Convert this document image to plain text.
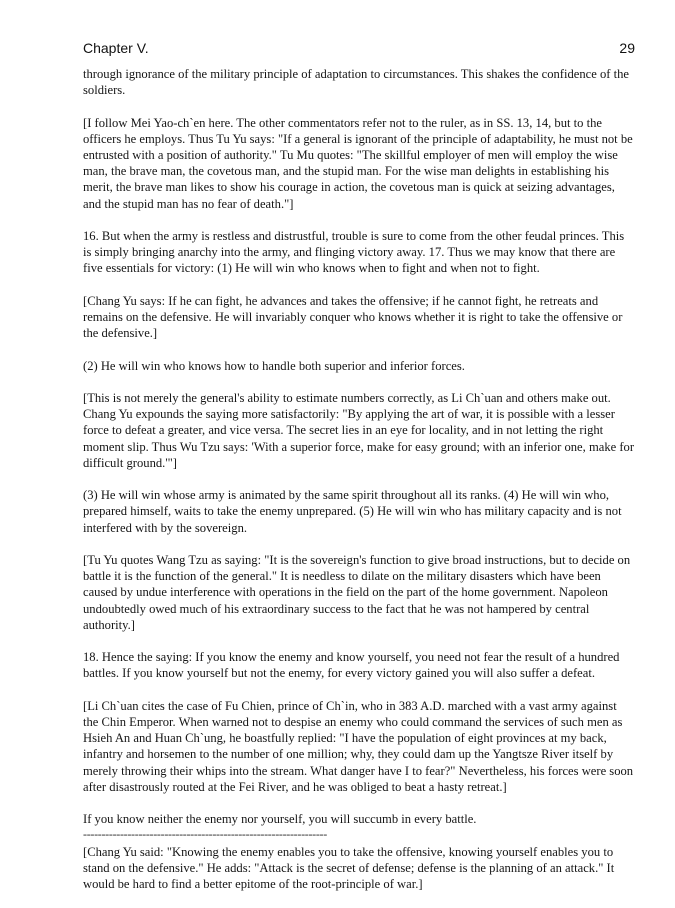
Chapter V.	29

through ignorance of the military principle of adaptation to circumstances. This shakes the confidence of the soldiers.

[I follow Mei Yao-ch`en here. The other commentators refer not to the ruler, as in SS. 13, 14, but to the officers he employs. Thus Tu Yu says: "If a general is ignorant of the principle of adaptability, he must not be entrusted with a position of authority." Tu Mu quotes: "The skillful employer of men will employ the wise man, the brave man, the covetous man, and the stupid man. For the wise man delights in establishing his merit, the brave man likes to show his courage in action, the covetous man is quick at seizing advantages, and the stupid man has no fear of death."]

16. But when the army is restless and distrustful, trouble is sure to come from the other feudal princes. This is simply bringing anarchy into the army, and flinging victory away. 17. Thus we may know that there are five essentials for victory: (1) He will win who knows when to fight and when not to fight.

[Chang Yu says: If he can fight, he advances and takes the offensive; if he cannot fight, he retreats and remains on the defensive. He will invariably conquer who knows whether it is right to take the offensive or the defensive.]

(2) He will win who knows how to handle both superior and inferior forces.

[This is not merely the general's ability to estimate numbers correctly, as Li Ch`uan and others make out. Chang Yu expounds the saying more satisfactorily: "By applying the art of war, it is possible with a lesser force to defeat a greater, and vice versa. The secret lies in an eye for locality, and in not letting the right moment slip. Thus Wu Tzu says: 'With a superior force, make for easy ground; with an inferior one, make for difficult ground.'"]

(3) He will win whose army is animated by the same spirit throughout all its ranks. (4) He will win who, prepared himself, waits to take the enemy unprepared. (5) He will win who has military capacity and is not interfered with by the sovereign.

[Tu Yu quotes Wang Tzu as saying: "It is the sovereign's function to give broad instructions, but to decide on battle it is the function of the general." It is needless to dilate on the military disasters which have been caused by undue interference with operations in the field on the part of the home government. Napoleon undoubtedly owed much of his extraordinary success to the fact that he was not hampered by central authority.]

18. Hence the saying: If you know the enemy and know yourself, you need not fear the result of a hundred battles. If you know yourself but not the enemy, for every victory gained you will also suffer a defeat.

[Li Ch`uan cites the case of Fu Chien, prince of Ch`in, who in 383 A.D. marched with a vast army against the Chin Emperor. When warned not to despise an enemy who could command the services of such men as Hsieh An and Huan Ch`ung, he boastfully replied: "I have the population of eight provinces at my back, infantry and horsemen to the number of one million; why, they could dam up the Yangtsze River itself by merely throwing their whips into the stream. What danger have I to fear?" Nevertheless, his forces were soon after disastrously routed at the Fei River, and he was obliged to beat a hasty retreat.]

If you know neither the enemy nor yourself, you will succumb in every battle.

[Chang Yu said: "Knowing the enemy enables you to take the offensive, knowing yourself enables you to stand on the defensive." He adds: "Attack is the secret of defense; defense is the planning of an attack." It would be hard to find a better epitome of the root-principle of war.]

------------------------------------------------------------------
